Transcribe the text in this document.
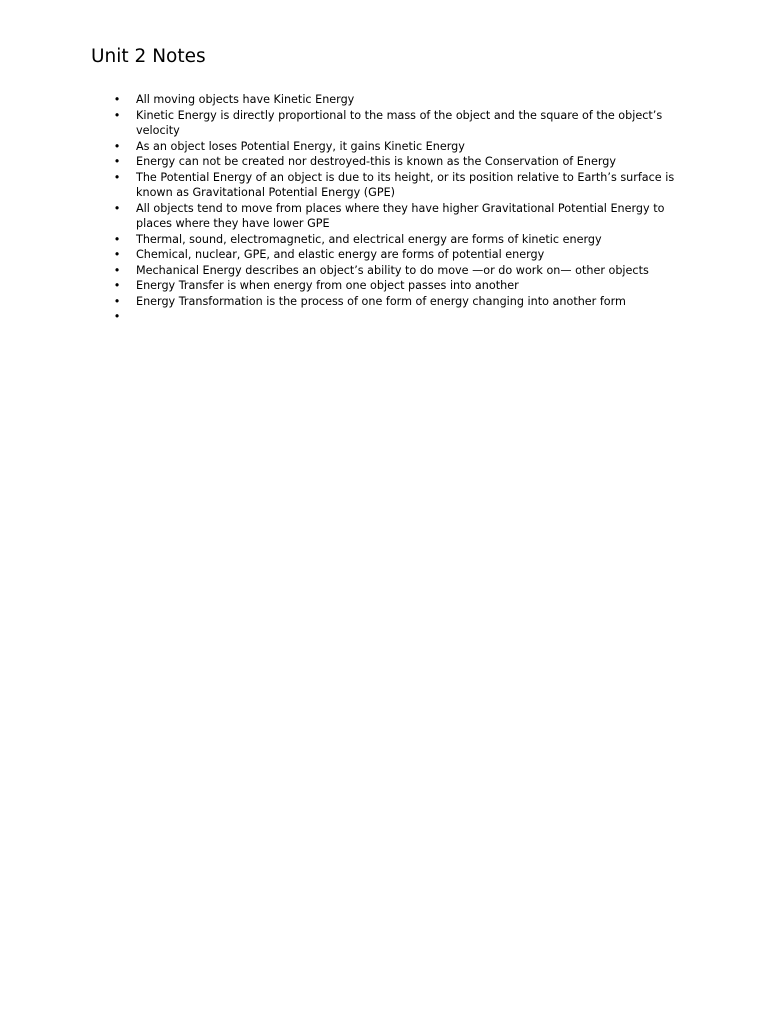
Unit 2 Notes
• All moving objects have Kinetic Energy
• Kinetic Energy is directly proportional to the mass of the object and the square of the object’s velocity
• As an object loses Potential Energy, it gains Kinetic Energy
• Energy can not be created nor destroyed-this is known as the Conservation of Energy
• The Potential Energy of an object is due to its height, or its position relative to Earth’s surface is known as Gravitational Potential Energy (GPE)
• All objects tend to move from places where they have higher Gravitational Potential Energy to places where they have lower GPE
• Thermal, sound, electromagnetic, and electrical energy are forms of kinetic energy
• Chemical, nuclear, GPE, and elastic energy are forms of potential energy
• Mechanical Energy describes an object’s ability to do move —or do work on— other objects
• Energy Transfer is when energy from one object passes into another
• Energy Transformation is the process of one form of energy changing into another form
•
